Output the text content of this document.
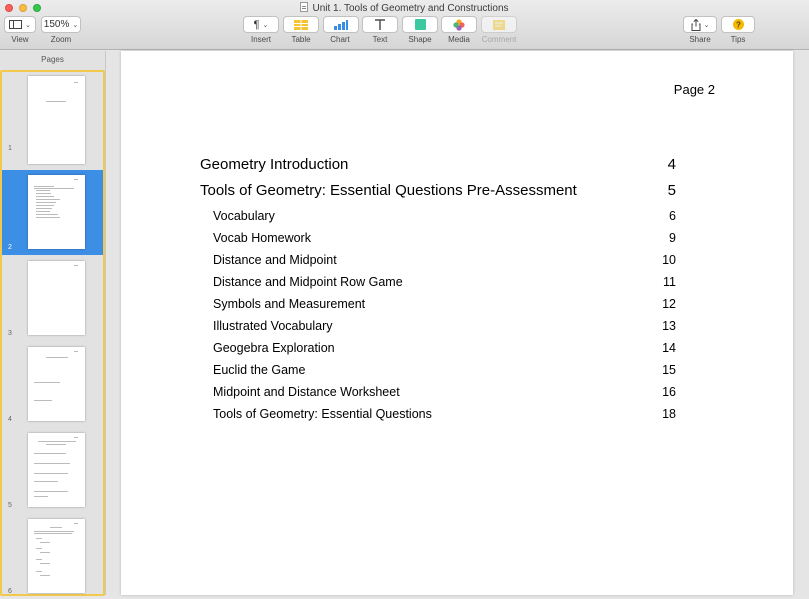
Unit 1. Tools of Geometry and Constructions
⌄
View
150% ⌄
Zoom
¶ ⌄
Insert	Table	Chart	Text	Shape	Media	Comment
⌄
Share
?
Tips
Pages
1
2
3
4
5
6
Page 2
Geometry Introduction	4
Tools of Geometry: Essential Questions Pre-Assessment	5
Vocabulary	6
Vocab Homework	9
Distance and Midpoint	10
Distance and Midpoint Row Game	11
Symbols and Measurement	12
Illustrated Vocabulary	13
Geogebra Exploration	14
Euclid the Game	15
Midpoint and Distance Worksheet	16
Tools of Geometry: Essential Questions	18
